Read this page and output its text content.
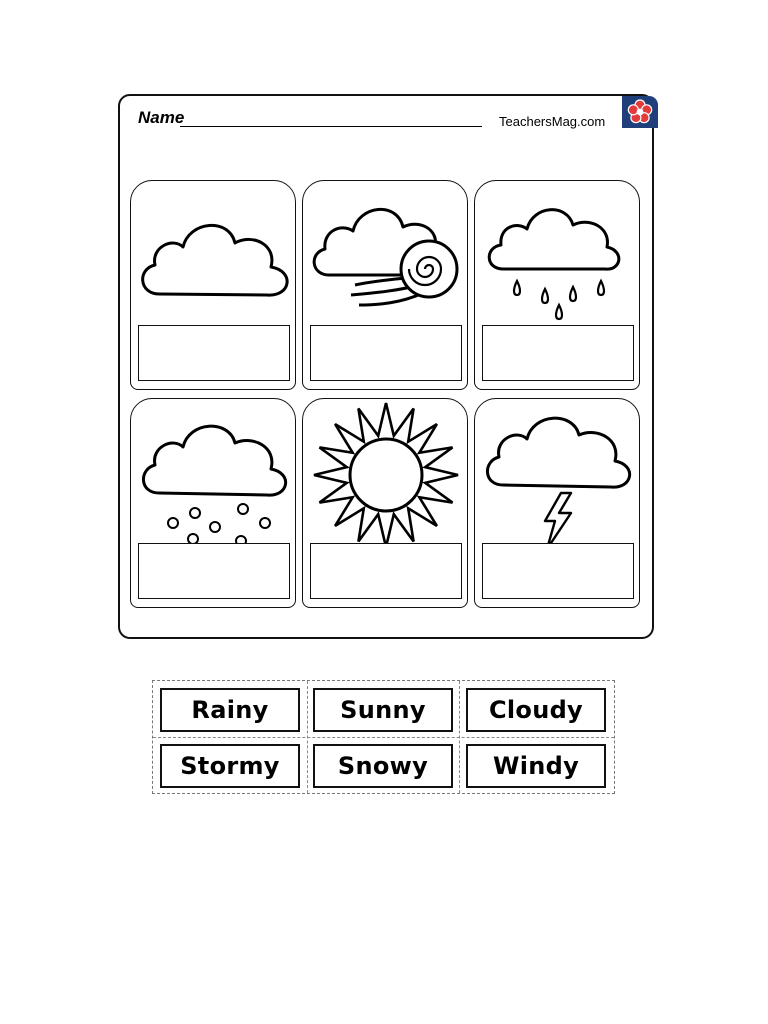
Name	TeachersMag.com
Rainy	Sunny	Cloudy
Stormy	Snowy	Windy
